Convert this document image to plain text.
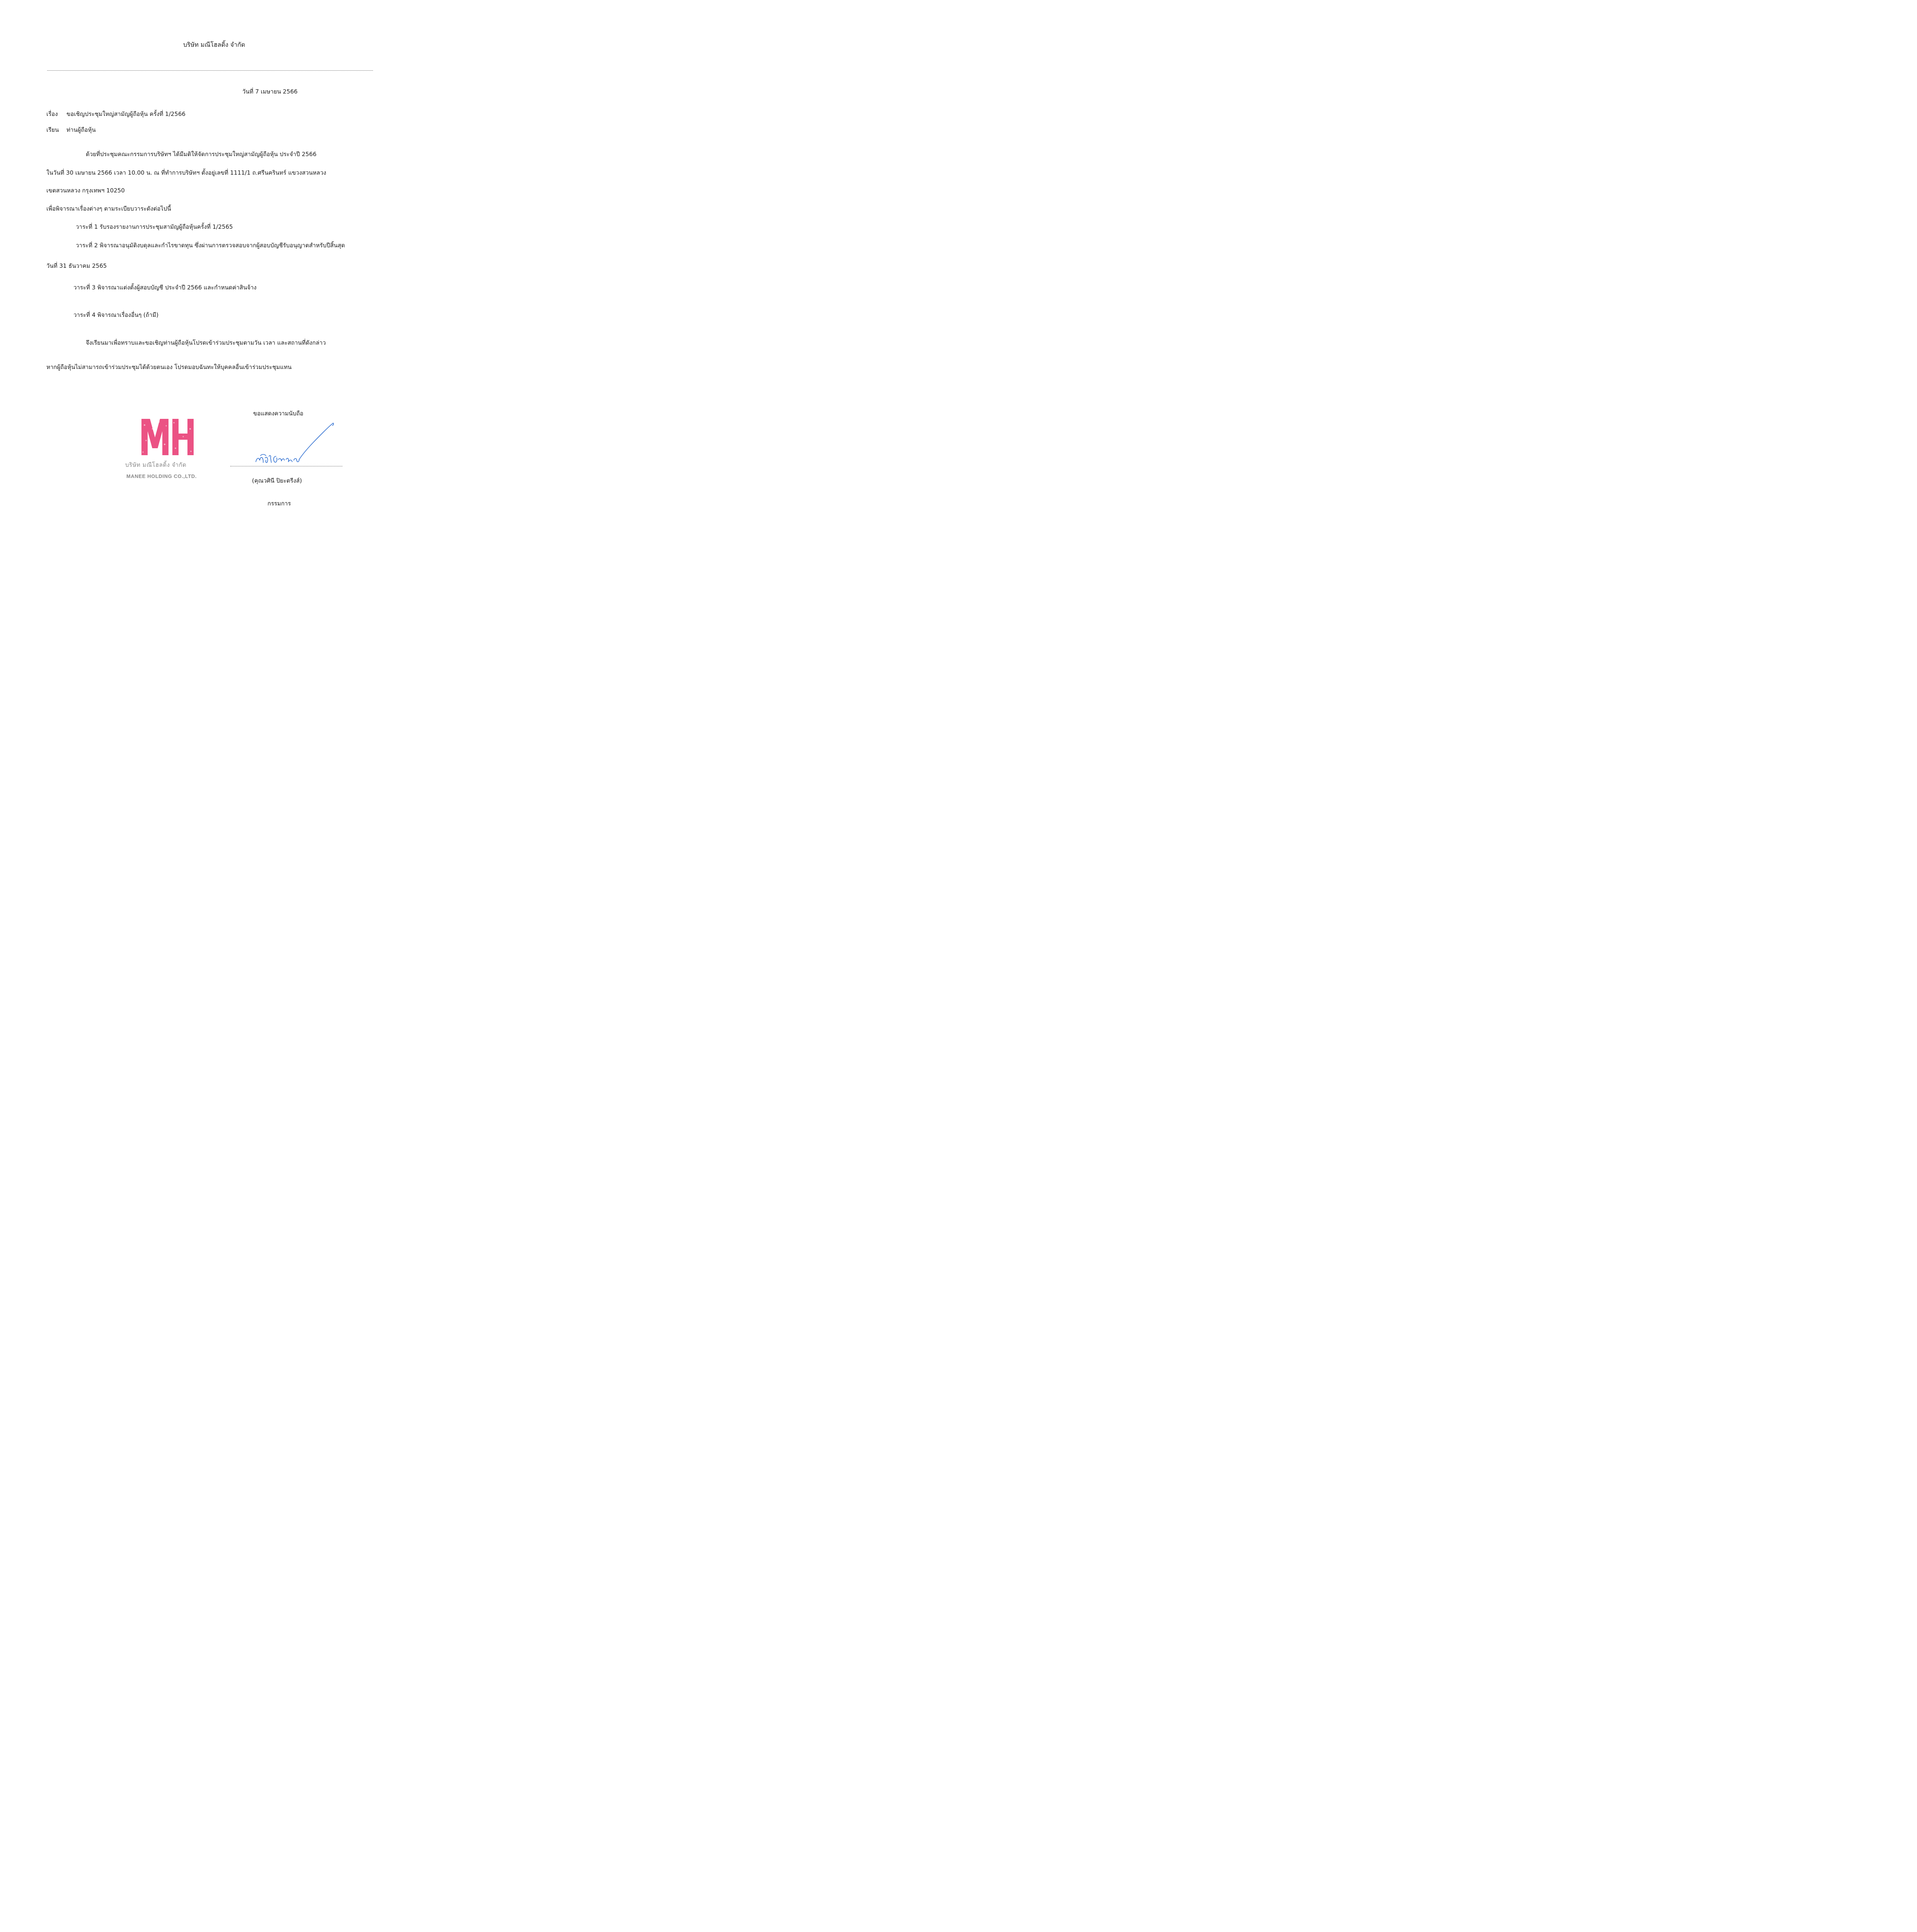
บริษัท มณีโฮลดิ้ง จำกัด
วันที่ 7 เมษายน 2566
เรื่อง ขอเชิญประชุมใหญ่สามัญผู้ถือหุ้น ครั้งที่ 1/2566
เรียน ท่านผู้ถือหุ้น
ด้วยที่ประชุมคณะกรรมการบริษัทฯ ได้มีมติให้จัดการประชุมใหญ่สามัญผู้ถือหุ้น ประจำปี 2566
ในวันที่ 30 เมษายน 2566 เวลา 10.00 น. ณ ที่ทำการบริษัทฯ ตั้งอยู่เลขที่ 1111/1 ถ.ศรีนครินทร์ แขวงสวนหลวง
เขตสวนหลวง กรุงเทพฯ 10250
เพื่อพิจารณาเรื่องต่างๆ ตามระเบียบวาระดังต่อไปนี้
วาระที่ 1 รับรองรายงานการประชุมสามัญผู้ถือหุ้นครั้งที่ 1/2565
วาระที่ 2 พิจารณาอนุมัติงบดุลและกำไรขาดทุน ซึ่งผ่านการตรวจสอบจากผู้สอบบัญชีรับอนุญาตสำหรับปีสิ้นสุด
วันที่ 31 ธันวาคม 2565
วาระที่ 3 พิจารณาแต่งตั้งผู้สอบบัญชี ประจำปี 2566 และกำหนดค่าสินจ้าง
วาระที่ 4 พิจารณาเรื่องอื่นๆ (ถ้ามี)
จึงเรียนมาเพื่อทราบและขอเชิญท่านผู้ถือหุ้นโปรดเข้าร่วมประชุมตามวัน เวลา และสถานที่ดังกล่าว
หากผู้ถือหุ้นไม่สามารถเข้าร่วมประชุมได้ด้วยตนเอง โปรดมอบฉันทะให้บุคคลอื่นเข้าร่วมประชุมแทน
ขอแสดงความนับถือ
บริษัท มณีโฮลดิ้ง จำกัด
MANEE HOLDING CO.,LTD.
(คุณวศินี ปิยะตรีงส์)
กรรมการ
